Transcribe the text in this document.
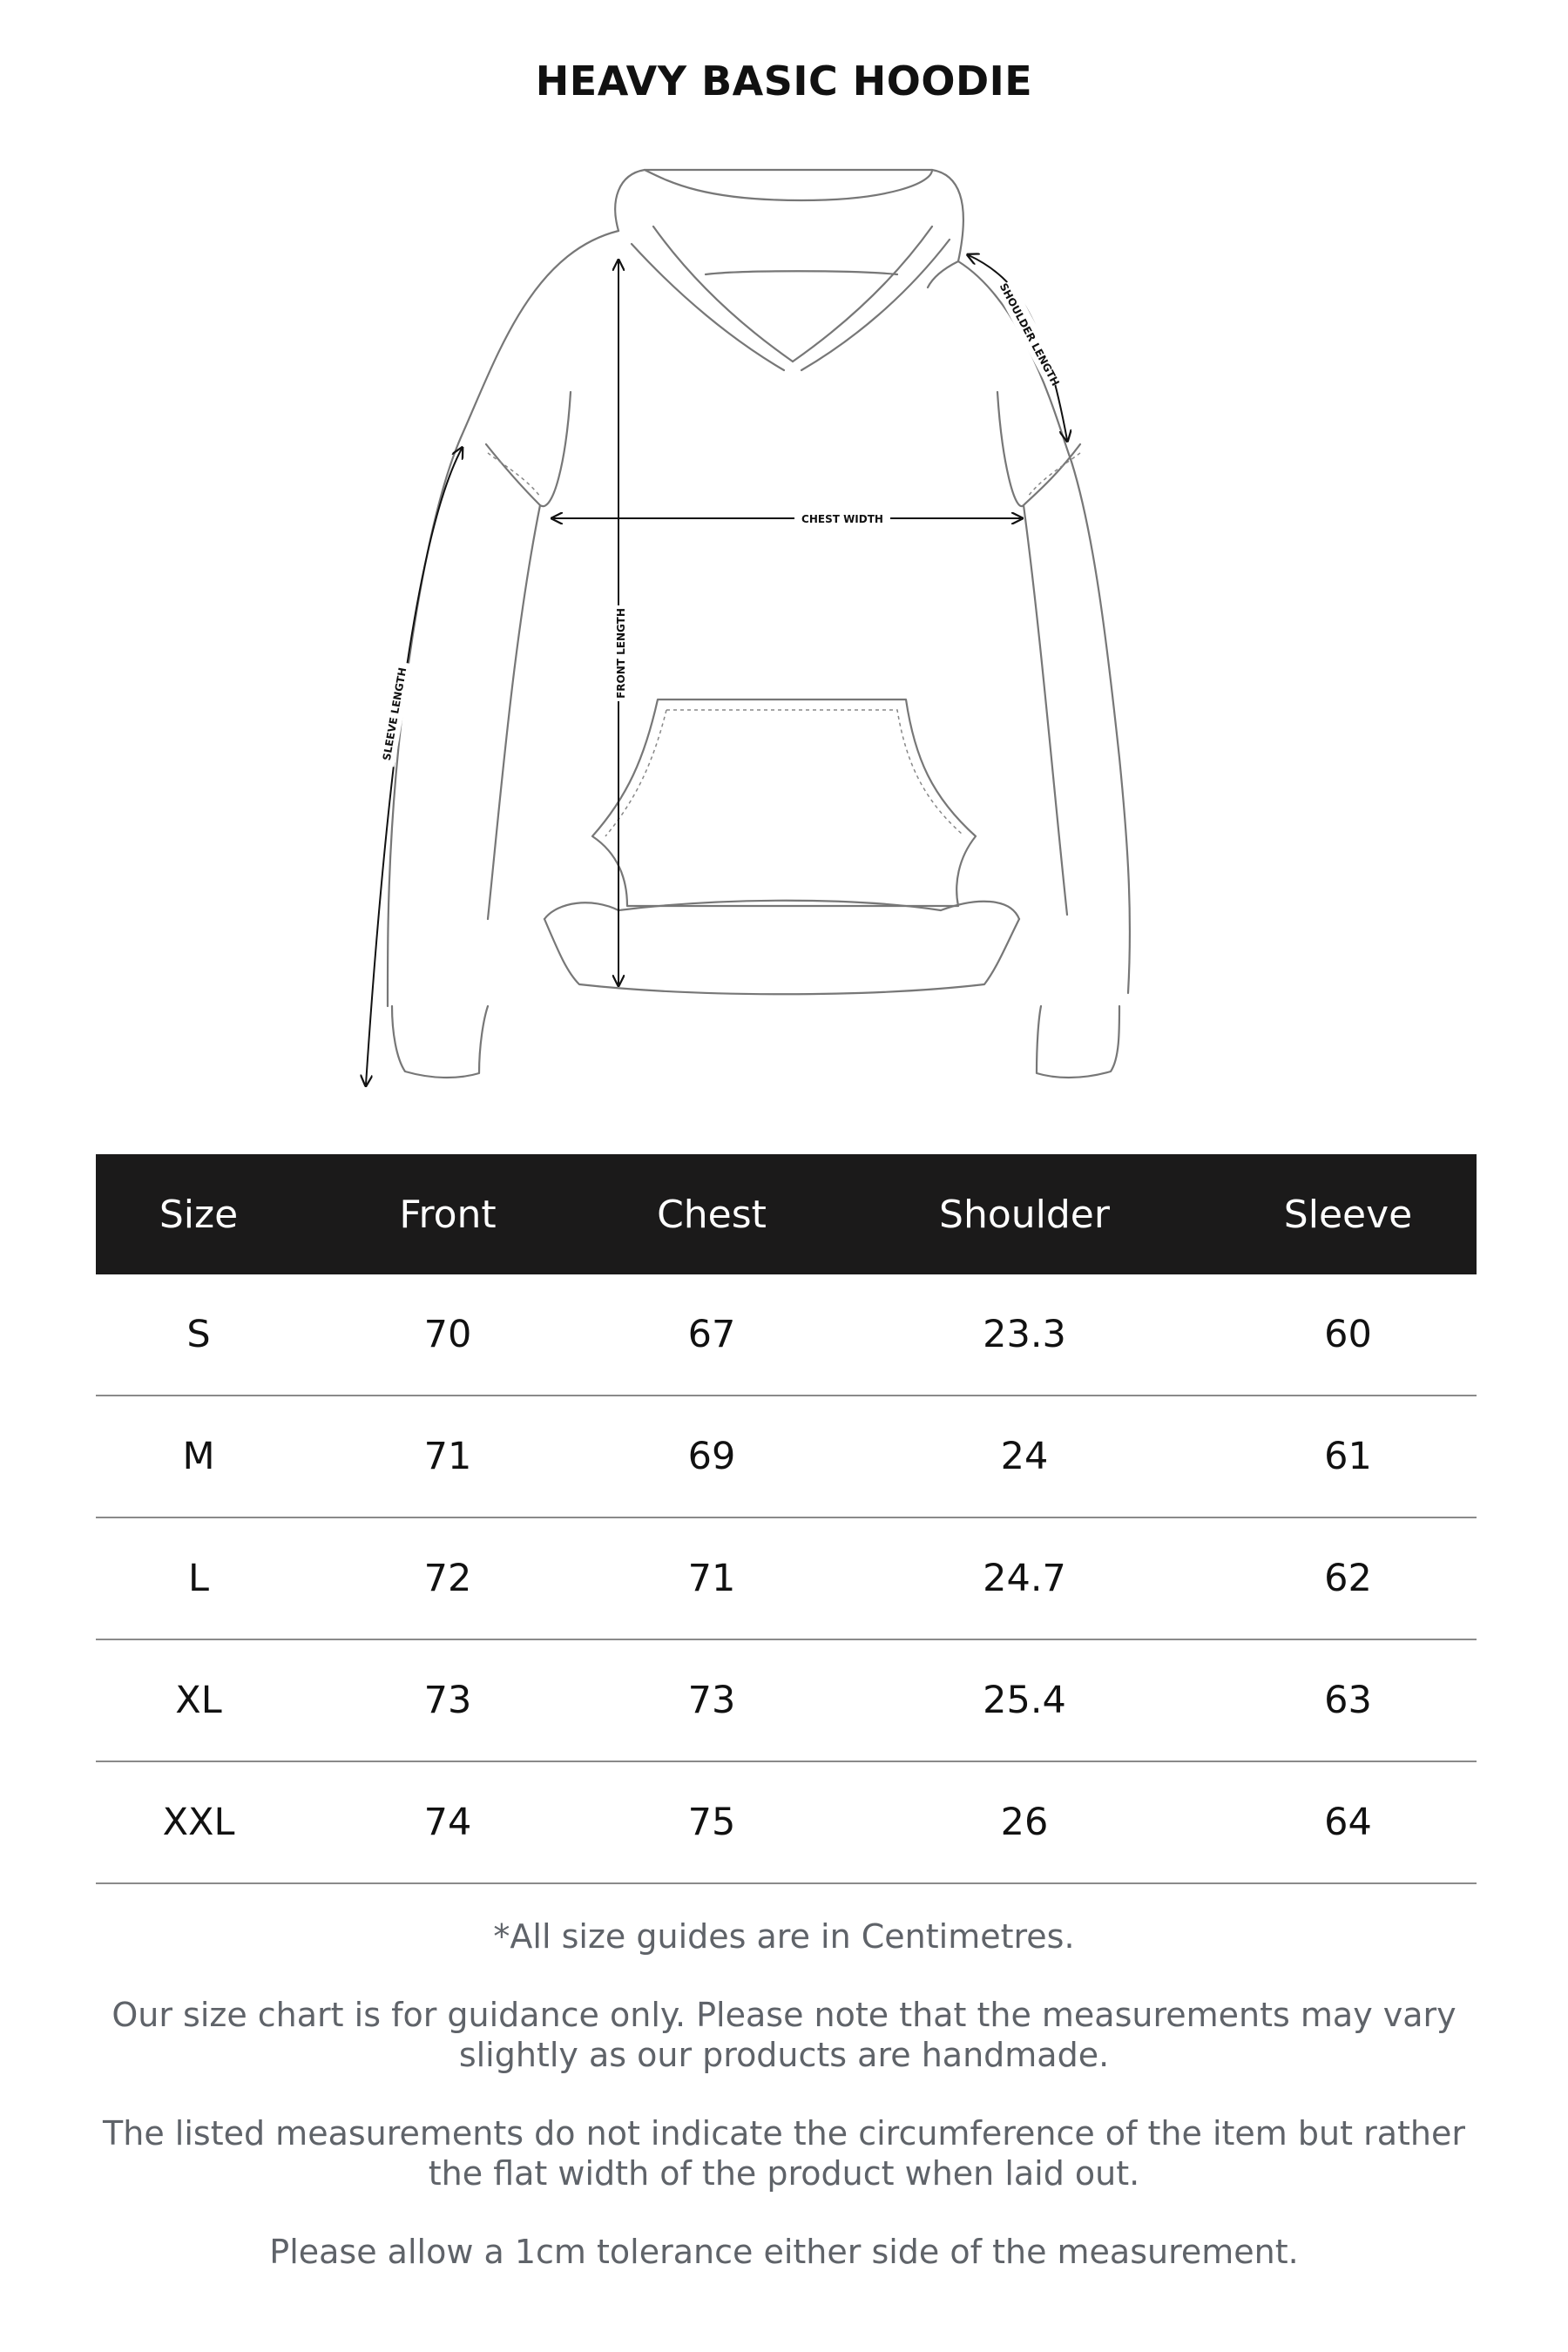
HEAVY BASIC HOODIE
CHEST WIDTH
FRONT LENGTH
SHOULDER LENGTH
SLEEVE LENGTH
Size	Front	Chest	Shoulder	Sleeve
S	70	67	23.3	60
M	71	69	24	61
L	72	71	24.7	62
XL	73	73	25.4	63
XXL	74	75	26	64

*All size guides are in Centimetres.

Our size chart is for guidance only. Please note that the measurements may vary slightly as our products are handmade.

The listed measurements do not indicate the circumference of the item but rather the flat width of the product when laid out.

Please allow a 1cm tolerance either side of the measurement.
